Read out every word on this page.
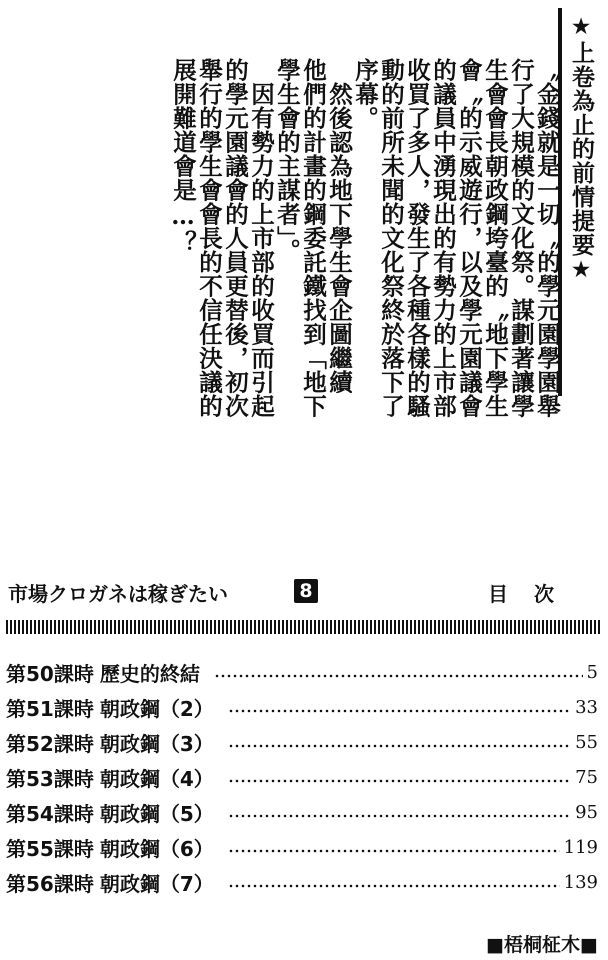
★上卷為止的前情提要★
〝金錢就是一切〝的學元園學園舉
行了大規模的文化祭。謀劃著讓學
生會會長朝政鋼垮臺的〝地下學生
會〝的示威遊行，以及學元園議會
的議員中湧現出的有勢力的上市部
收買了多人，發生了各種各樣的騷
動的前所未聞的文化祭終於落下了
序幕。
然後認為地下學生會企圖繼續
他們的計畫的鋼委託鐵找到「地下
學生會的主謀者」。
因有勢力的上市部的收買而引起
的學元園議會的人員更替後，初次
舉行的學生會會長的不信任決議的
展開難道會是…？
市場クロガネは稼ぎたい	8	目次
第50課時 歷史的終結	5
第51課時 朝政鋼（2）	33
第52課時 朝政鋼（3）	55
第53課時 朝政鋼（4）	75
第54課時 朝政鋼（5）	95
第55課時 朝政鋼（6）	119
第56課時 朝政鋼（7）	139
■梧桐柾木■
